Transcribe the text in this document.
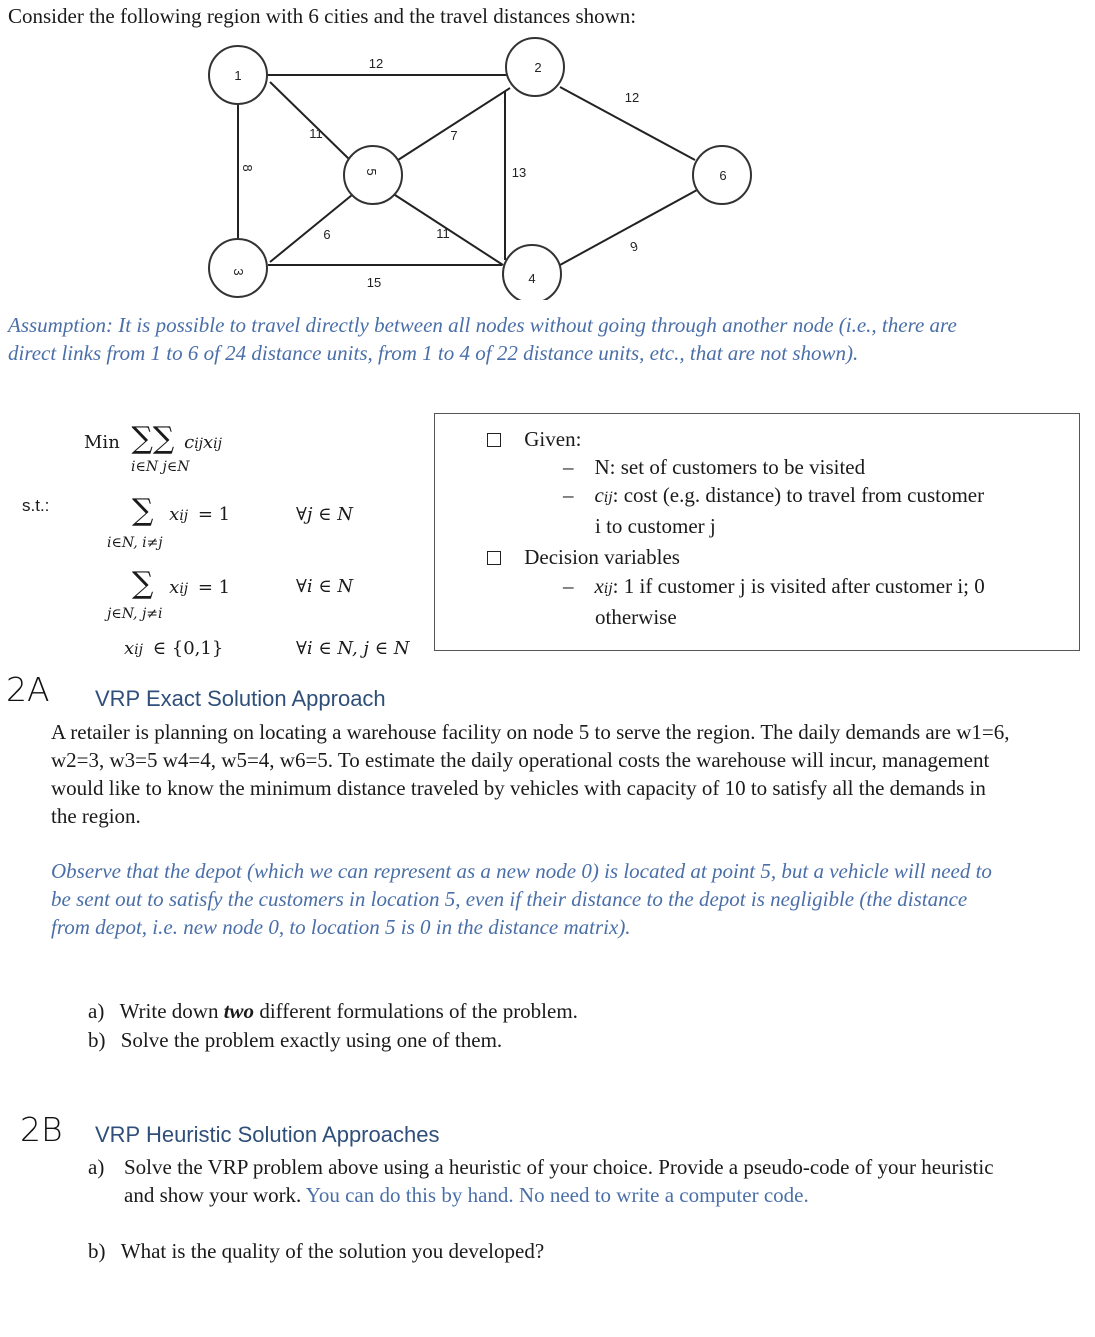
Consider the following region with 6 cities and the travel distances shown:
1
2
3	4
5	6
12
12
11	7
8	13
9	11
15
6
Assumption: It is possible to travel directly between all nodes without going through another node (i.e., there are direct links from 1 to 6 of 24 distance units, from 1 to 4 of 22 distance units, etc., that are not shown).
Min ∑∑ cijxij
i∈N j∈N
s.t.:	∑ xij = 1
i∈N, i≠j
∀j ∈ N
∑ xij = 1
j∈N, j≠i
∀i ∈ N
xij ∈ {0,1}	∀i ∈ N, j ∈ N
Given:
– N: set of customers to be visited
– cij: cost (e.g. distance) to travel from customer
i to customer j
Decision variables
– xij: 1 if customer j is visited after customer i; 0
otherwise
2A VRP Exact Solution Approach
A retailer is planning on locating a warehouse facility on node 5 to serve the region. The daily demands are w1=6, w2=3, w3=5 w4=4, w5=4, w6=5. To estimate the daily operational costs the warehouse will incur, management would like to know the minimum distance traveled by vehicles with capacity of 10 to satisfy all the demands in the region.
Observe that the depot (which we can represent as a new node 0) is located at point 5, but a vehicle will need to be sent out to satisfy the customers in location 5, even if their distance to the depot is negligible (the distance from depot, i.e. new node 0, to location 5 is 0 in the distance matrix).
a) Write down two different formulations of the problem.
b) Solve the problem exactly using one of them.
2B VRP Heuristic Solution Approaches
a) Solve the VRP problem above using a heuristic of your choice. Provide a pseudo-code of your heuristic and show your work. You can do this by hand. No need to write a computer code.
b) What is the quality of the solution you developed?
